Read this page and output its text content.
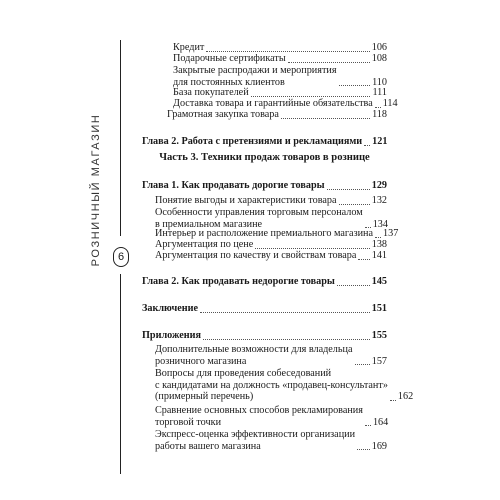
РОЗНИЧНЫЙ МАГАЗИН	6
Кредит	106
Подарочные сертификаты	108
Закрытые распродажи и мероприятия
для постоянных клиентов	110
База покупателей	111
Доставка товара и гарантийные обязательства 114
Грамотная закупка товара	118
Глава 2. Работа с претензиями и рекламациями 121
Часть 3. Техники продаж товаров в рознице
Глава 1. Как продавать дорогие товары	129
Понятие выгоды и характеристики товара	132
Особенности управления торговым персоналом
в премиальном магазине	134
Интерьер и расположение премиального магазина 137
Аргументация по цене	138
Аргументация по качеству и свойствам товара 141
Глава 2. Как продавать недорогие товары	145
Заключение	151
Приложения	155
Дополнительные возможности для владельца
розничного магазина	157
Вопросы для проведения собеседований
с кандидатами на должность «продавец-консультант»
(примерный перечень)	162
Сравнение основных способов рекламирования
торговой точки	164
Экспресс-оценка эффективности организации
работы вашего магазина	169
